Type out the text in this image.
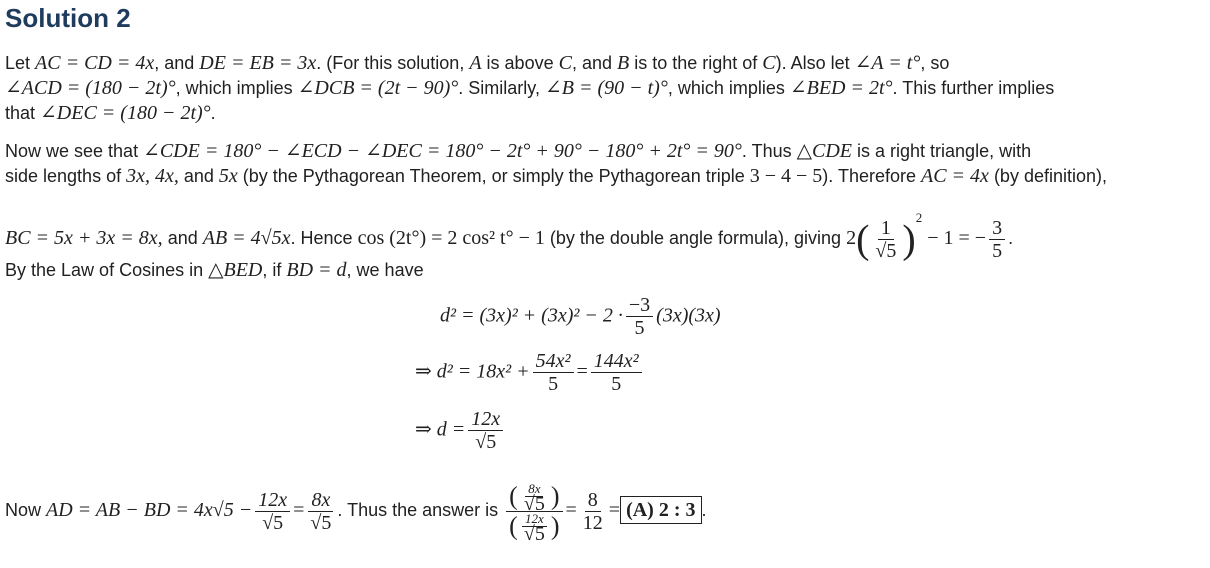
Solution 2
Let AC = CD = 4x, and DE = EB = 3x. (For this solution, A is above C, and B is to the right of C). Also let ∠A = t°, so
∠ACD = (180 − 2t)°, which implies ∠DCB = (2t − 90)°. Similarly, ∠B = (90 − t)°, which implies ∠BED = 2t°. This further implies
that ∠DEC = (180 − 2t)°.
Now we see that ∠CDE = 180° − ∠ECD − ∠DEC = 180° − 2t° + 90° − 180° + 2t° = 90°. Thus △CDE is a right triangle, with
side lengths of 3x, 4x, and 5x (by the Pythagorean Theorem, or simply the Pythagorean triple 3 − 4 − 5). Therefore AC = 4x (by definition),
BC = 5x + 3x = 8x, and AB = 4√5x. Hence cos (2t°) = 2 cos² t° − 1 (by the double angle formula), giving $2( \frac{1}{√5} )^2 - 1$ = − $\frac{3}{5}$ .
By the Law of Cosines in △BED, if BD = d, we have
$d^2 = (3x)^2 + (3x)^2 - 2 \cdot \frac{-3}{5} (3x)(3x)$
⇒ $d^2 = 18x^2 + \frac{\text{54x²}}{5} = \frac{\text{144x²}}{5}$
⇒ $d = \frac{12x}{√5}$
Now AD = AB − BD = $4x√5 - \frac{12x}{√5} = \frac{8x}{√5}$ . Thus the answer is $\frac{( \frac{8x}{√5} )}{( \frac{12x}{√5} )} = \frac{8}{12} = (A)$ 2 : 3 .
